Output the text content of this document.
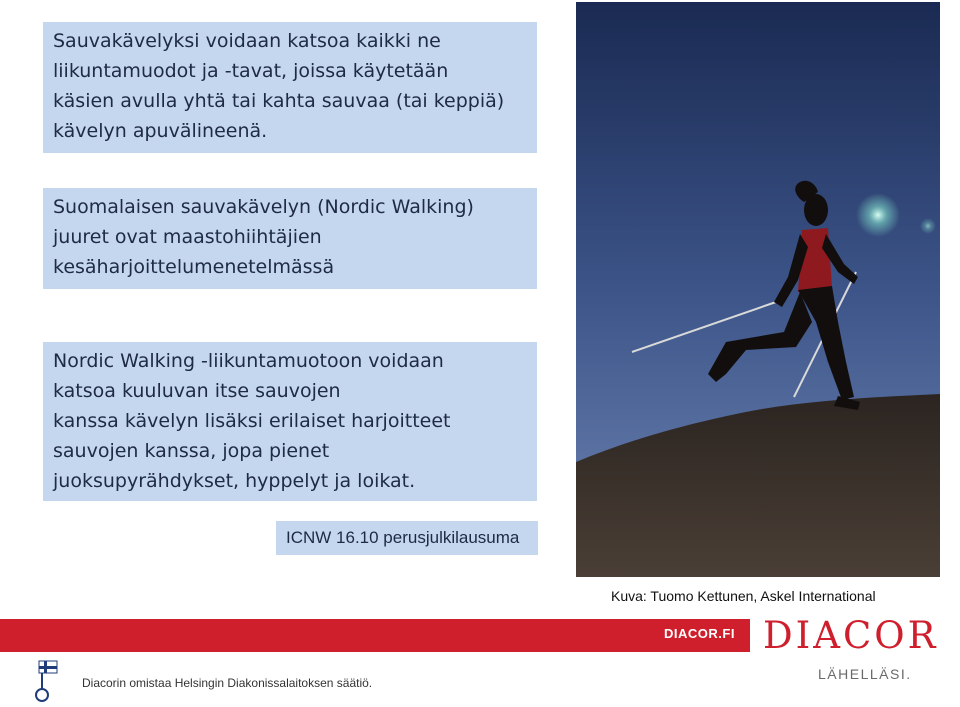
Sauvakävelyksi voidaan katsoa kaikki ne
liikuntamuodot ja -tavat, joissa käytetään
käsien avulla yhtä tai kahta sauvaa (tai keppiä)
kävelyn apuvälineenä.
Suomalaisen sauvakävelyn (Nordic Walking)
juuret ovat maastohiihtäjien
kesäharjoittelumenetelmässä
Nordic Walking -liikuntamuotoon voidaan
katsoa kuuluvan itse sauvojen
kanssa kävelyn lisäksi erilaiset harjoitteet
sauvojen kanssa, jopa pienet
juoksupyrähdykset, hyppelyt ja loikat.
ICNW 16.10 perusjulkilausuma
Kuva: Tuomo Kettunen, Askel International
DIACOR.FI DIACOR
LÄHELLÄSI.
Diacorin omistaa Helsingin Diakonissalaitoksen säätiö.
